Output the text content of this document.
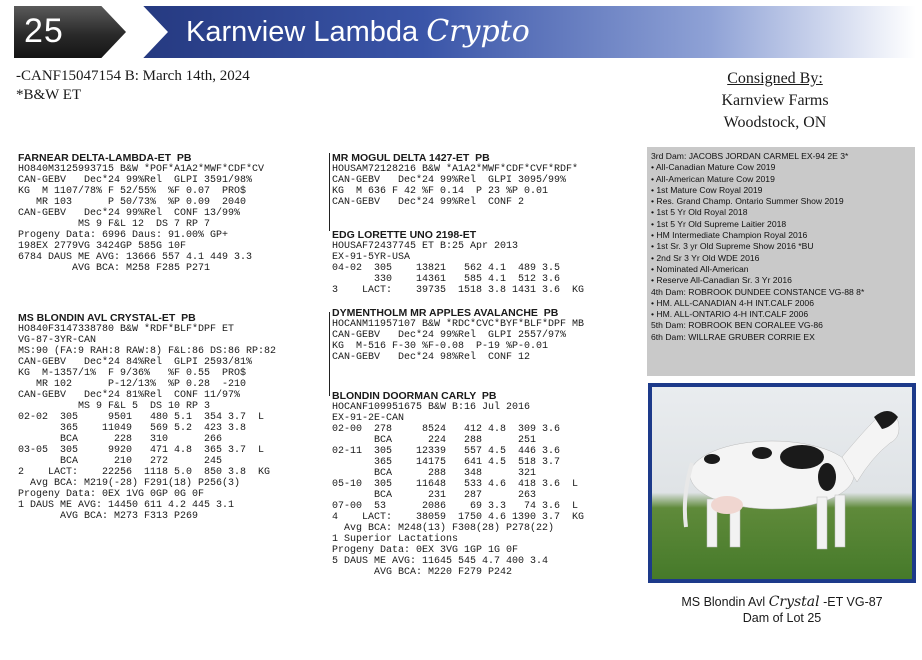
25	Karnview Lambda Crypto
-CANF15047154 B: March 14th, 2024
*B&W ET
Consigned By:
Karnview Farms
Woodstock, ON
FARNEAR DELTA-LAMBDA-ET  PB
HO840M3125993715 B&W *POF*A1A2*MWF*CDF*CV
CAN-GEBV   Dec*24 99%Rel  GLPI 3591/98%
KG  M 1107/78% F 52/55%  %F 0.07  PRO$
MR 103      P 50/73%  %P 0.09  2040
CAN-GEBV   Dec*24 99%Rel  CONF 13/99%
MS 9 F&L 12  DS 7 RP 7
Progeny Data: 6996 Daus: 91.00% GP+
198EX 2779VG 3424GP 585G 10F
6784 DAUS ME AVG: 13666 557 4.1 449 3.3
AVG BCA: M258 F285 P271
MS BLONDIN AVL CRYSTAL-ET  PB
HO840F3147338780 B&W *RDF*BLF*DPF ET
VG-87-3YR-CAN
MS:90 (FA:9 RAH:8 RAW:8) F&L:86 DS:86 RP:82
CAN-GEBV   Dec*24 84%Rel  GLPI 2593/81%
KG  M-1357/1%  F 9/36%   %F 0.55  PRO$
MR 102      P-12/13%  %P 0.28  -210
CAN-GEBV   Dec*24 81%Rel  CONF 11/97%
MS 9 F&L 5  DS 10 RP 3
02-02  305     9501   480 5.1  354 3.7  L
365    11049   569 5.2  423 3.8
BCA      228   310      266
03-05  305     9920   471 4.8  365 3.7  L
BCA      210   272      245
2    LACT:    22256  1118 5.0  850 3.8  KG
Avg BCA: M219(-28) F291(18) P256(3)
Progeny Data: 0EX 1VG 0GP 0G 0F
1 DAUS ME AVG: 14450 611 4.2 445 3.1
AVG BCA: M273 F313 P269
MR MOGUL DELTA 1427-ET  PB
HOUSAM72128216 B&W *A1A2*MWF*CDF*CVF*RDF*
CAN-GEBV   Dec*24 99%Rel  GLPI 3095/99%
KG  M 636 F 42 %F 0.14  P 23 %P 0.01
CAN-GEBV   Dec*24 99%Rel  CONF 2
EDG LORETTE UNO 2198-ET
HOUSAF72437745 ET B:25 Apr 2013
EX-91-5YR-USA
04-02  305    13821   562 4.1  489 3.5
330    14361   585 4.1  512 3.6
3    LACT:    39735  1518 3.8 1431 3.6  KG
DYMENTHOLM MR APPLES AVALANCHE  PB
HOCANM11957107 B&W *RDC*CVC*BYF*BLF*DPF MB
CAN-GEBV   Dec*24 99%Rel  GLPI 2557/97%
KG  M-516 F-30 %F-0.08  P-19 %P-0.01
CAN-GEBV   Dec*24 98%Rel  CONF 12
BLONDIN DOORMAN CARLY  PB
HOCANF109951675 B&W B:16 Jul 2016
EX-91-2E-CAN
02-00  278     8524   412 4.8  309 3.6
BCA      224   288      251
02-11  305    12339   557 4.5  446 3.6
365    14175   641 4.5  518 3.7
BCA      288   348      321
05-10  305    11648   533 4.6  418 3.6  L
BCA      231   287      263
07-00  53      2086    69 3.3   74 3.6  L
4    LACT:    38059  1750 4.6 1390 3.7  KG
Avg BCA: M248(13) F308(28) P278(22)
1 Superior Lactations
Progeny Data: 0EX 3VG 1GP 1G 0F
5 DAUS ME AVG: 11645 545 4.7 400 3.4
AVG BCA: M220 F279 P242
3rd Dam: JACOBS JORDAN CARMEL EX-94 2E 3*
• All-Canadian Mature Cow 2019
• All-American Mature Cow 2019
• 1st Mature Cow Royal 2019
• Res. Grand Champ. Ontario Summer Show 2019
• 1st 5 Yr Old Royal 2018
• 1st 5 Yr Old Supreme Laitier 2018
• HM Intermediate Champion Royal 2016
• 1st Sr. 3 yr Old Supreme Show 2016 *BU
• 2nd Sr 3 Yr Old WDE 2016
• Nominated All-American
• Reserve All-Canadian Sr. 3 Yr 2016
4th Dam: ROBROOK DUNDEE CONSTANCE VG-88 8*
• HM. ALL-CANADIAN 4-H INT.CALF 2006
• HM. ALL-ONTARIO 4-H INT.CALF 2006
5th Dam: ROBROOK BEN CORALEE VG-86
6th Dam: WILLRAE GRUBER CORRIE EX
MS Blondin Avl Crystal -ET VG-87
Dam of Lot 25
